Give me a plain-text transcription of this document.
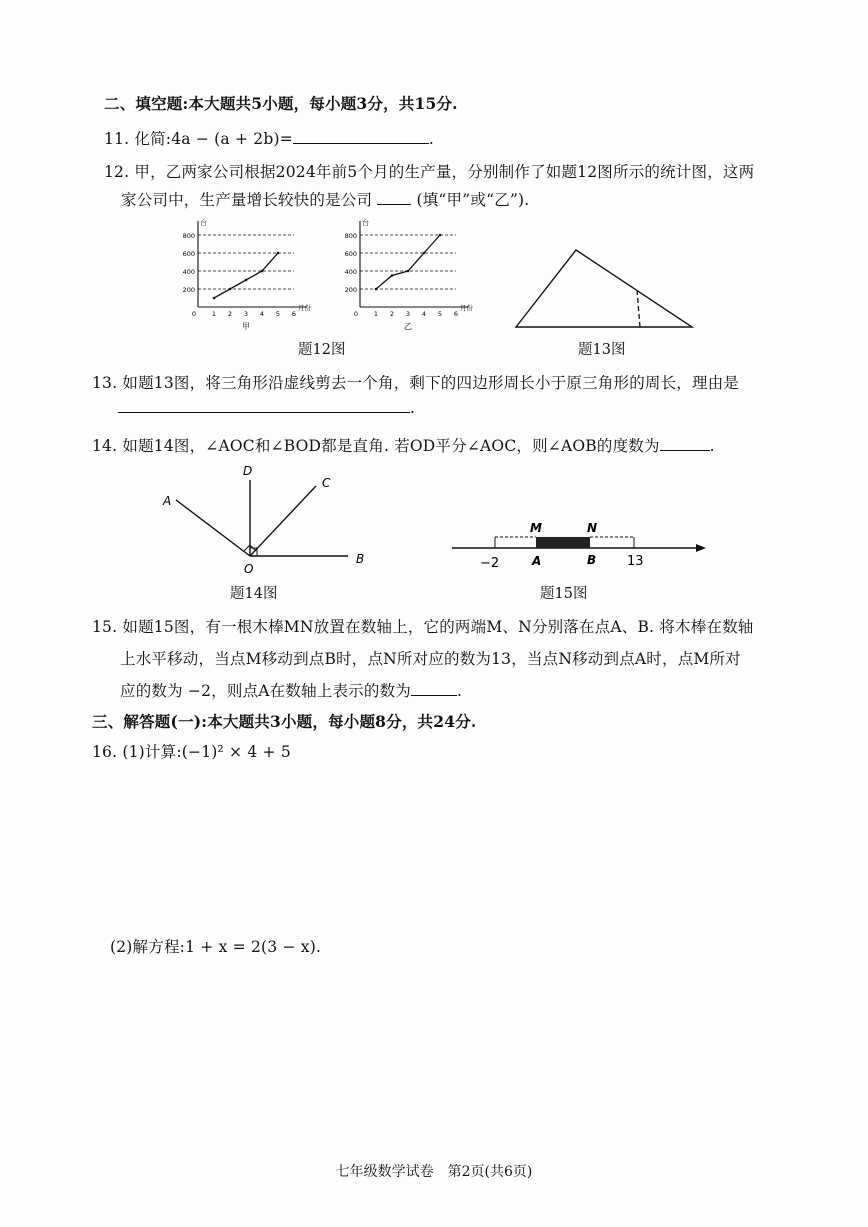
二、填空题:本大题共5小题，每小题3分，共15分.
11. 化简:4a − (a + 2b)=	.
12. 甲，乙两家公司根据2024年前5个月的生产量，分别制作了如题12图所示的统计图，这两
家公司中，生产量增长较快的是公司	(填“甲”或“乙”).
200
400
600
800
0 1 2 3 4 5 6
台
月份
甲
200
400
600
800
0 1 2 3 4 5 6
台
月份
乙
题12图	题13图
13. 如题13图，将三角形沿虚线剪去一个角，剩下的四边形周长小于原三角形的周长，理由是
.
14. 如题14图，∠AOC和∠BOD都是直角. 若OD平分∠AOC，则∠AOB的度数为	.
A
D
C
O
B
题14图
M	N
A	B
−2	13
题15图
15. 如题15图，有一根木棒MN放置在数轴上，它的两端M、N分别落在点A、B. 将木棒在数轴
上水平移动，当点M移动到点B时，点N所对应的数为13，当点N移动到点A时，点M所对
应的数为 −2，则点A在数轴上表示的数为	.
三、解答题(一):本大题共3小题，每小题8分，共24分.
16. (1)计算:(−1)² × 4 + 5
(2)解方程:1 + x = 2(3 − x).
七年级数学试卷　第2页(共6页)
